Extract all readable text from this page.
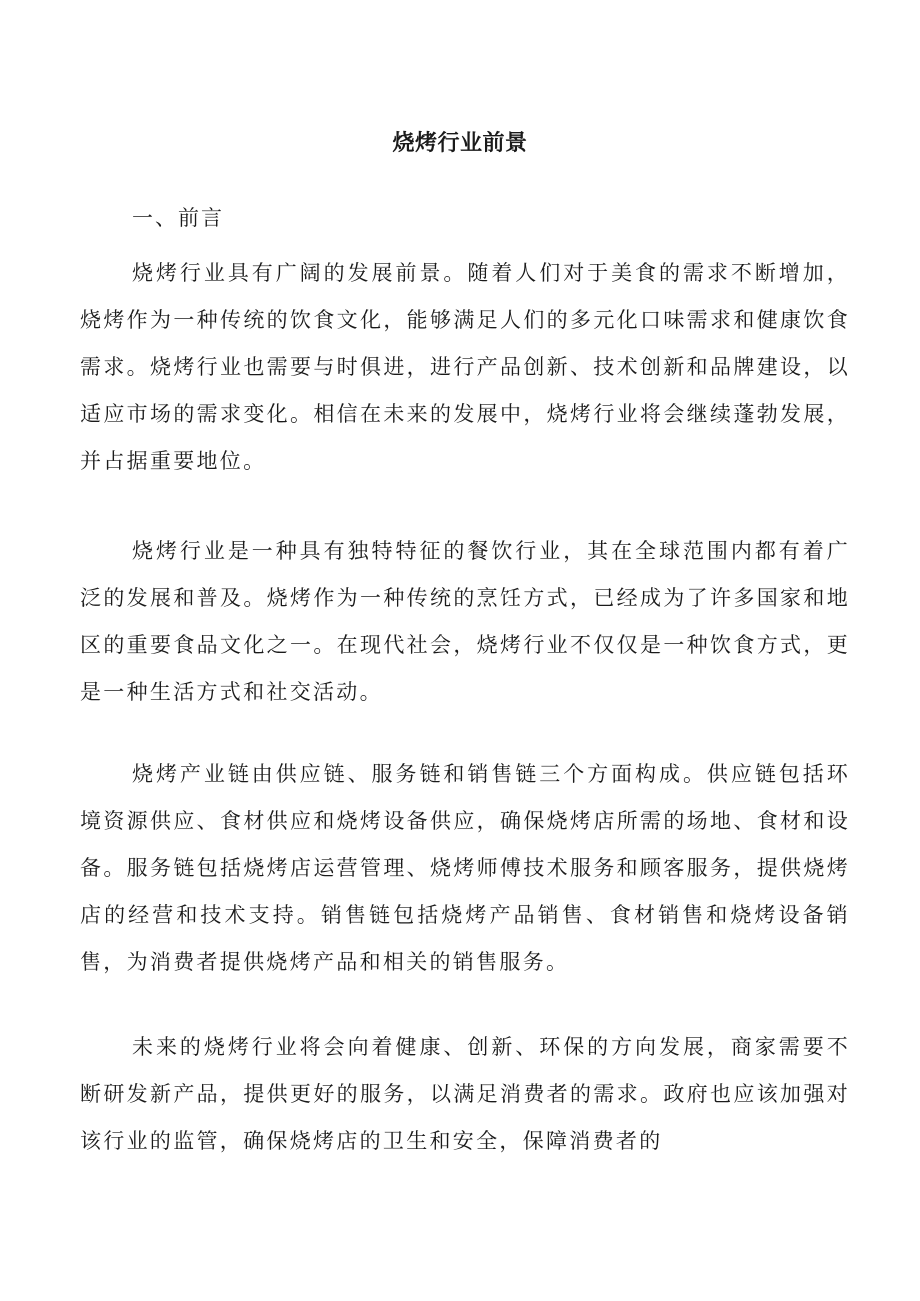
烧烤行业前景
一、前言

烧烤行业具有广阔的发展前景。随着人们对于美食的需求不断增加，烧烤作为一种传统的饮食文化，能够满足人们的多元化口味需求和健康饮食需求。烧烤行业也需要与时俱进，进行产品创新、技术创新和品牌建设，以适应市场的需求变化。相信在未来的发展中，烧烤行业将会继续蓬勃发展，并占据重要地位。

烧烤行业是一种具有独特特征的餐饮行业，其在全球范围内都有着广泛的发展和普及。烧烤作为一种传统的烹饪方式，已经成为了许多国家和地区的重要食品文化之一。在现代社会，烧烤行业不仅仅是一种饮食方式，更是一种生活方式和社交活动。

烧烤产业链由供应链、服务链和销售链三个方面构成。供应链包括环境资源供应、食材供应和烧烤设备供应，确保烧烤店所需的场地、食材和设备。服务链包括烧烤店运营管理、烧烤师傅技术服务和顾客服务，提供烧烤店的经营和技术支持。销售链包括烧烤产品销售、食材销售和烧烤设备销售，为消费者提供烧烤产品和相关的销售服务。

未来的烧烤行业将会向着健康、创新、环保的方向发展，商家需要不断研发新产品，提供更好的服务，以满足消费者的需求。政府也应该加强对该行业的监管，确保烧烤店的卫生和安全，保障消费者的
